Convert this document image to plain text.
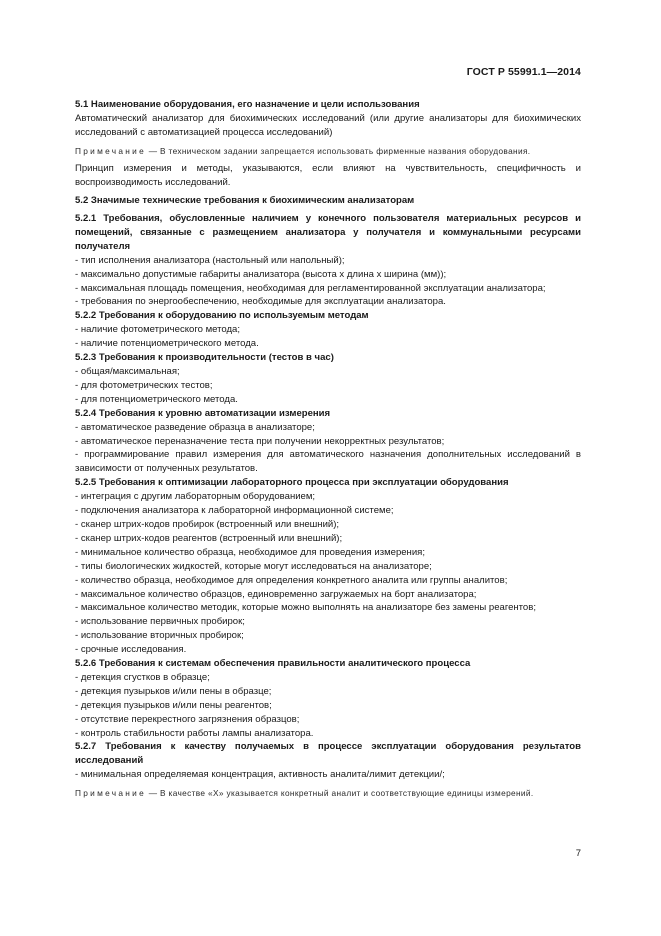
ГОСТ Р 55991.1—2014

5.1 Наименование оборудования, его назначение и цели использования

Автоматический анализатор для биохимических исследований (или другие анализаторы для биохимических исследований с автоматизацией процесса исследований)

Примечание — В техническом задании запрещается использовать фирменные названия оборудования.

Принцип измерения и методы, указываются, если влияют на чувствительность, специфичность и воспроизводимость исследований.

5.2 Значимые технические требования к биохимическим анализаторам

5.2.1 Требования, обусловленные наличием у конечного пользователя материальных ресурсов и помещений, связанные с размещением анализатора у получателя и коммунальными ресурсами получателя

- тип исполнения анализатора (настольный или напольный);

- максимально допустимые габариты анализатора (высота х длина х ширина (мм));

- максимальная площадь помещения, необходимая для регламентированной эксплуатации анализатора;

- требования по энергообеспечению, необходимые для эксплуатации анализатора.

5.2.2 Требования к оборудованию по используемым методам

- наличие фотометрического метода;

- наличие потенциометрического метода.

5.2.3 Требования к производительности (тестов в час)

- общая/максимальная;

- для фотометрических тестов;

- для потенциометрического метода.

5.2.4 Требования к уровню автоматизации измерения

- автоматическое разведение образца в анализаторе;

- автоматическое переназначение теста при получении некорректных результатов;

- программирование правил измерения для автоматического назначения дополнительных исследований в зависимости от полученных результатов.

5.2.5 Требования к оптимизации лабораторного процесса при эксплуатации оборудования

- интеграция с другим лабораторным оборудованием;

- подключения анализатора к лабораторной информационной системе;

- сканер штрих-кодов пробирок (встроенный или внешний);

- сканер штрих-кодов реагентов (встроенный или внешний);

- минимальное количество образца, необходимое для проведения измерения;

- типы биологических жидкостей, которые могут исследоваться на анализаторе;

- количество образца, необходимое для определения конкретного аналита или группы аналитов;

- максимальное количество образцов, единовременно загружаемых на борт анализатора;

- максимальное количество методик, которые можно выполнять на анализаторе без замены реагентов;

- использование первичных пробирок;

- использование вторичных пробирок;

- срочные исследования.

5.2.6 Требования к системам обеспечения правильности аналитического процесса

- детекция сгустков в образце;

- детекция пузырьков и/или пены в образце;

- детекция пузырьков и/или пены реагентов;

- отсутствие перекрестного загрязнения образцов;

- контроль стабильности работы лампы анализатора.

5.2.7 Требования к качеству получаемых в процессе эксплуатации оборудования результатов исследований

- минимальная определяемая концентрация, активность аналита/лимит детекции/;

Примечание — В качестве «Х» указывается конкретный аналит и соответствующие единицы измерений.

7
